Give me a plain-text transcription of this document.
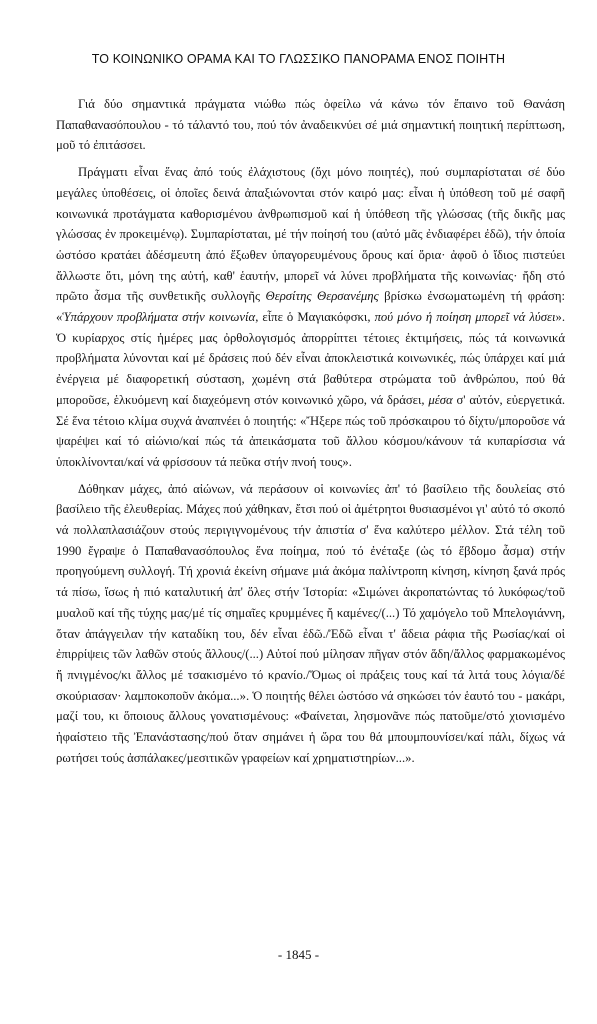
ΤΟ ΚΟΙΝΩΝΙΚΟ ΟΡΑΜΑ ΚΑΙ ΤΟ ΓΛΩΣΣΙΚΟ ΠΑΝΟΡΑΜΑ ΕΝΟΣ ΠΟΙΗΤΗ

Γιά δύο σημαντικά πράγματα νιώθω πώς ὀφείλω νά κάνω τόν ἔπαινο τοῦ Θανάση Παπαθανασόπουλου - τό τάλαντό του, πού τόν ἀναδεικνύει σέ μιά σημαντική ποιητική περίπτωση, μοῦ τό ἐπιτάσσει.

Πράγματι εἶναι ἕνας ἀπό τούς ἐλάχιστους (ὄχι μόνο ποιητές), πού συμπαρίσταται σέ δύο μεγάλες ὑποθέσεις, οἱ ὁποῖες δεινά ἀπαξιώνονται στόν καιρό μας: εἶναι ἡ ὑπόθεση τοῦ μέ σαφῆ κοινωνικά προτάγματα καθορισμένου ἀνθρωπισμοῦ καί ἡ ὑπόθεση τῆς γλώσσας (τῆς δικῆς μας γλώσσας ἐν προκειμένῳ). Συμπαρίσταται, μέ τήν ποίησή του (αὐτό μᾶς ἐνδιαφέρει ἐδῶ), τήν ὁποία ὡστόσο κρατάει ἀδέσμευτη ἀπό ἔξωθεν ὑπαγορευμένους ὅρους καί ὅρια· ἀφοῦ ὁ ἴδιος πιστεύει ἄλλωστε ὅτι, μόνη της αὐτή, καθ' ἑαυτήν, μπορεῖ νά λύνει προβλήματα τῆς κοινωνίας· ἤδη στό πρῶτο ἆσμα τῆς συνθετικῆς συλλογῆς Θερσίτης Θερσανέμης βρίσκω ἐνσωματωμένη τή φράση: «Ὑπάρχουν προβλήματα στήν κοινωνία, εἶπε ὁ Μαγιακόφσκι, πού μόνο ἡ ποίηση μπορεῖ νά λύσει». Ὁ κυρίαρχος στίς ἡμέρες μας ὀρθολογισμός ἀπορρίπτει τέτοιες ἐκτιμήσεις, πώς τά κοινωνικά προβλήματα λύνονται καί μέ δράσεις πού δέν εἶναι ἀποκλειστικά κοινωνικές, πώς ὑπάρχει καί μιά ἐνέργεια μέ διαφορετική σύσταση, χωμένη στά βαθύτερα στρώματα τοῦ ἀνθρώπου, πού θά μποροῦσε, ἑλκυόμενη καί διαχεόμενη στόν κοινωνικό χῶρο, νά δράσει, μέσα σ' αὐτόν, εὐεργετικά. Σέ ἕνα τέτοιο κλίμα συχνά ἀναπνέει ὁ ποιητής: «Ἤξερε πώς τοῦ πρόσκαιρου τό δίχτυ/μποροῦσε νά ψαρέψει καί τό αἰώνιο/καί πώς τά ἀπεικάσματα τοῦ ἄλλου κόσμου/κάνουν τά κυπαρίσσια νά ὑποκλίνονται/καί νά φρίσσουν τά πεῦκα στήν πνοή τους».

Δόθηκαν μάχες, ἀπό αἰώνων, νά περάσουν οἱ κοινωνίες ἀπ' τό βασίλειο τῆς δουλείας στό βασίλειο τῆς ἐλευθερίας. Μάχες πού χάθηκαν, ἔτσι πού οἱ ἀμέτρητοι θυσιασμένοι γι' αὐτό τό σκοπό νά πολλαπλασιάζουν στούς περιγιγνομένους τήν ἀπιστία σ' ἕνα καλύτερο μέλλον. Στά τέλη τοῦ 1990 ἔγραψε ὁ Παπαθανασόπουλος ἕνα ποίημα, πού τό ἐνέταξε (ὡς τό ἕβδομο ἆσμα) στήν προηγούμενη συλλογή. Τή χρονιά ἐκείνη σήμανε μιά ἀκόμα παλίντροπη κίνηση, κίνηση ξανά πρός τά πίσω, ἴσως ἡ πιό καταλυτική ἀπ' ὅλες στήν Ἱστορία: «Σιμώνει ἀκροπατώντας τό λυκόφως/τοῦ μυαλοῦ καί τῆς τύχης μας/μέ τίς σημαῖες κρυμμένες ἤ καμένες/(...) Τό χαμόγελο τοῦ Μπελογιάννη, ὅταν ἀπάγγειλαν τήν καταδίκη του, δέν εἶναι ἐδῶ./Ἐδῶ εἶναι τ' ἄδεια ράφια τῆς Ρωσίας/καί οἱ ἐπιρρίψεις τῶν λαθῶν στούς ἄλλους/(...) Αὐτοί πού μίλησαν πῆγαν στόν ἅδη/ἄλλος φαρμακωμένος ἤ πνιγμένος/κι ἄλλος μέ τσακισμένο τό κρανίο./Ὅμως οἱ πράξεις τους καί τά λιτά τους λόγια/δέ σκούριασαν· λαμποκοποῦν ἀκόμα...». Ὁ ποιητής θέλει ὡστόσο νά σηκώσει τόν ἑαυτό του - μακάρι, μαζί του, κι ὅποιους ἄλλους γονατισμένους: «Φαίνεται, λησμονᾶνε πώς πατοῦμε/στό χιονισμένο ἡφαίστειο τῆς Ἐπανάστασης/πού ὅταν σημάνει ἡ ὥρα του θά μπουμπουνίσει/καί πάλι, δίχως νά ρωτήσει τούς ἀσπάλακες/μεσιτικῶν γραφείων καί χρηματιστηρίων...».

- 1845 -
